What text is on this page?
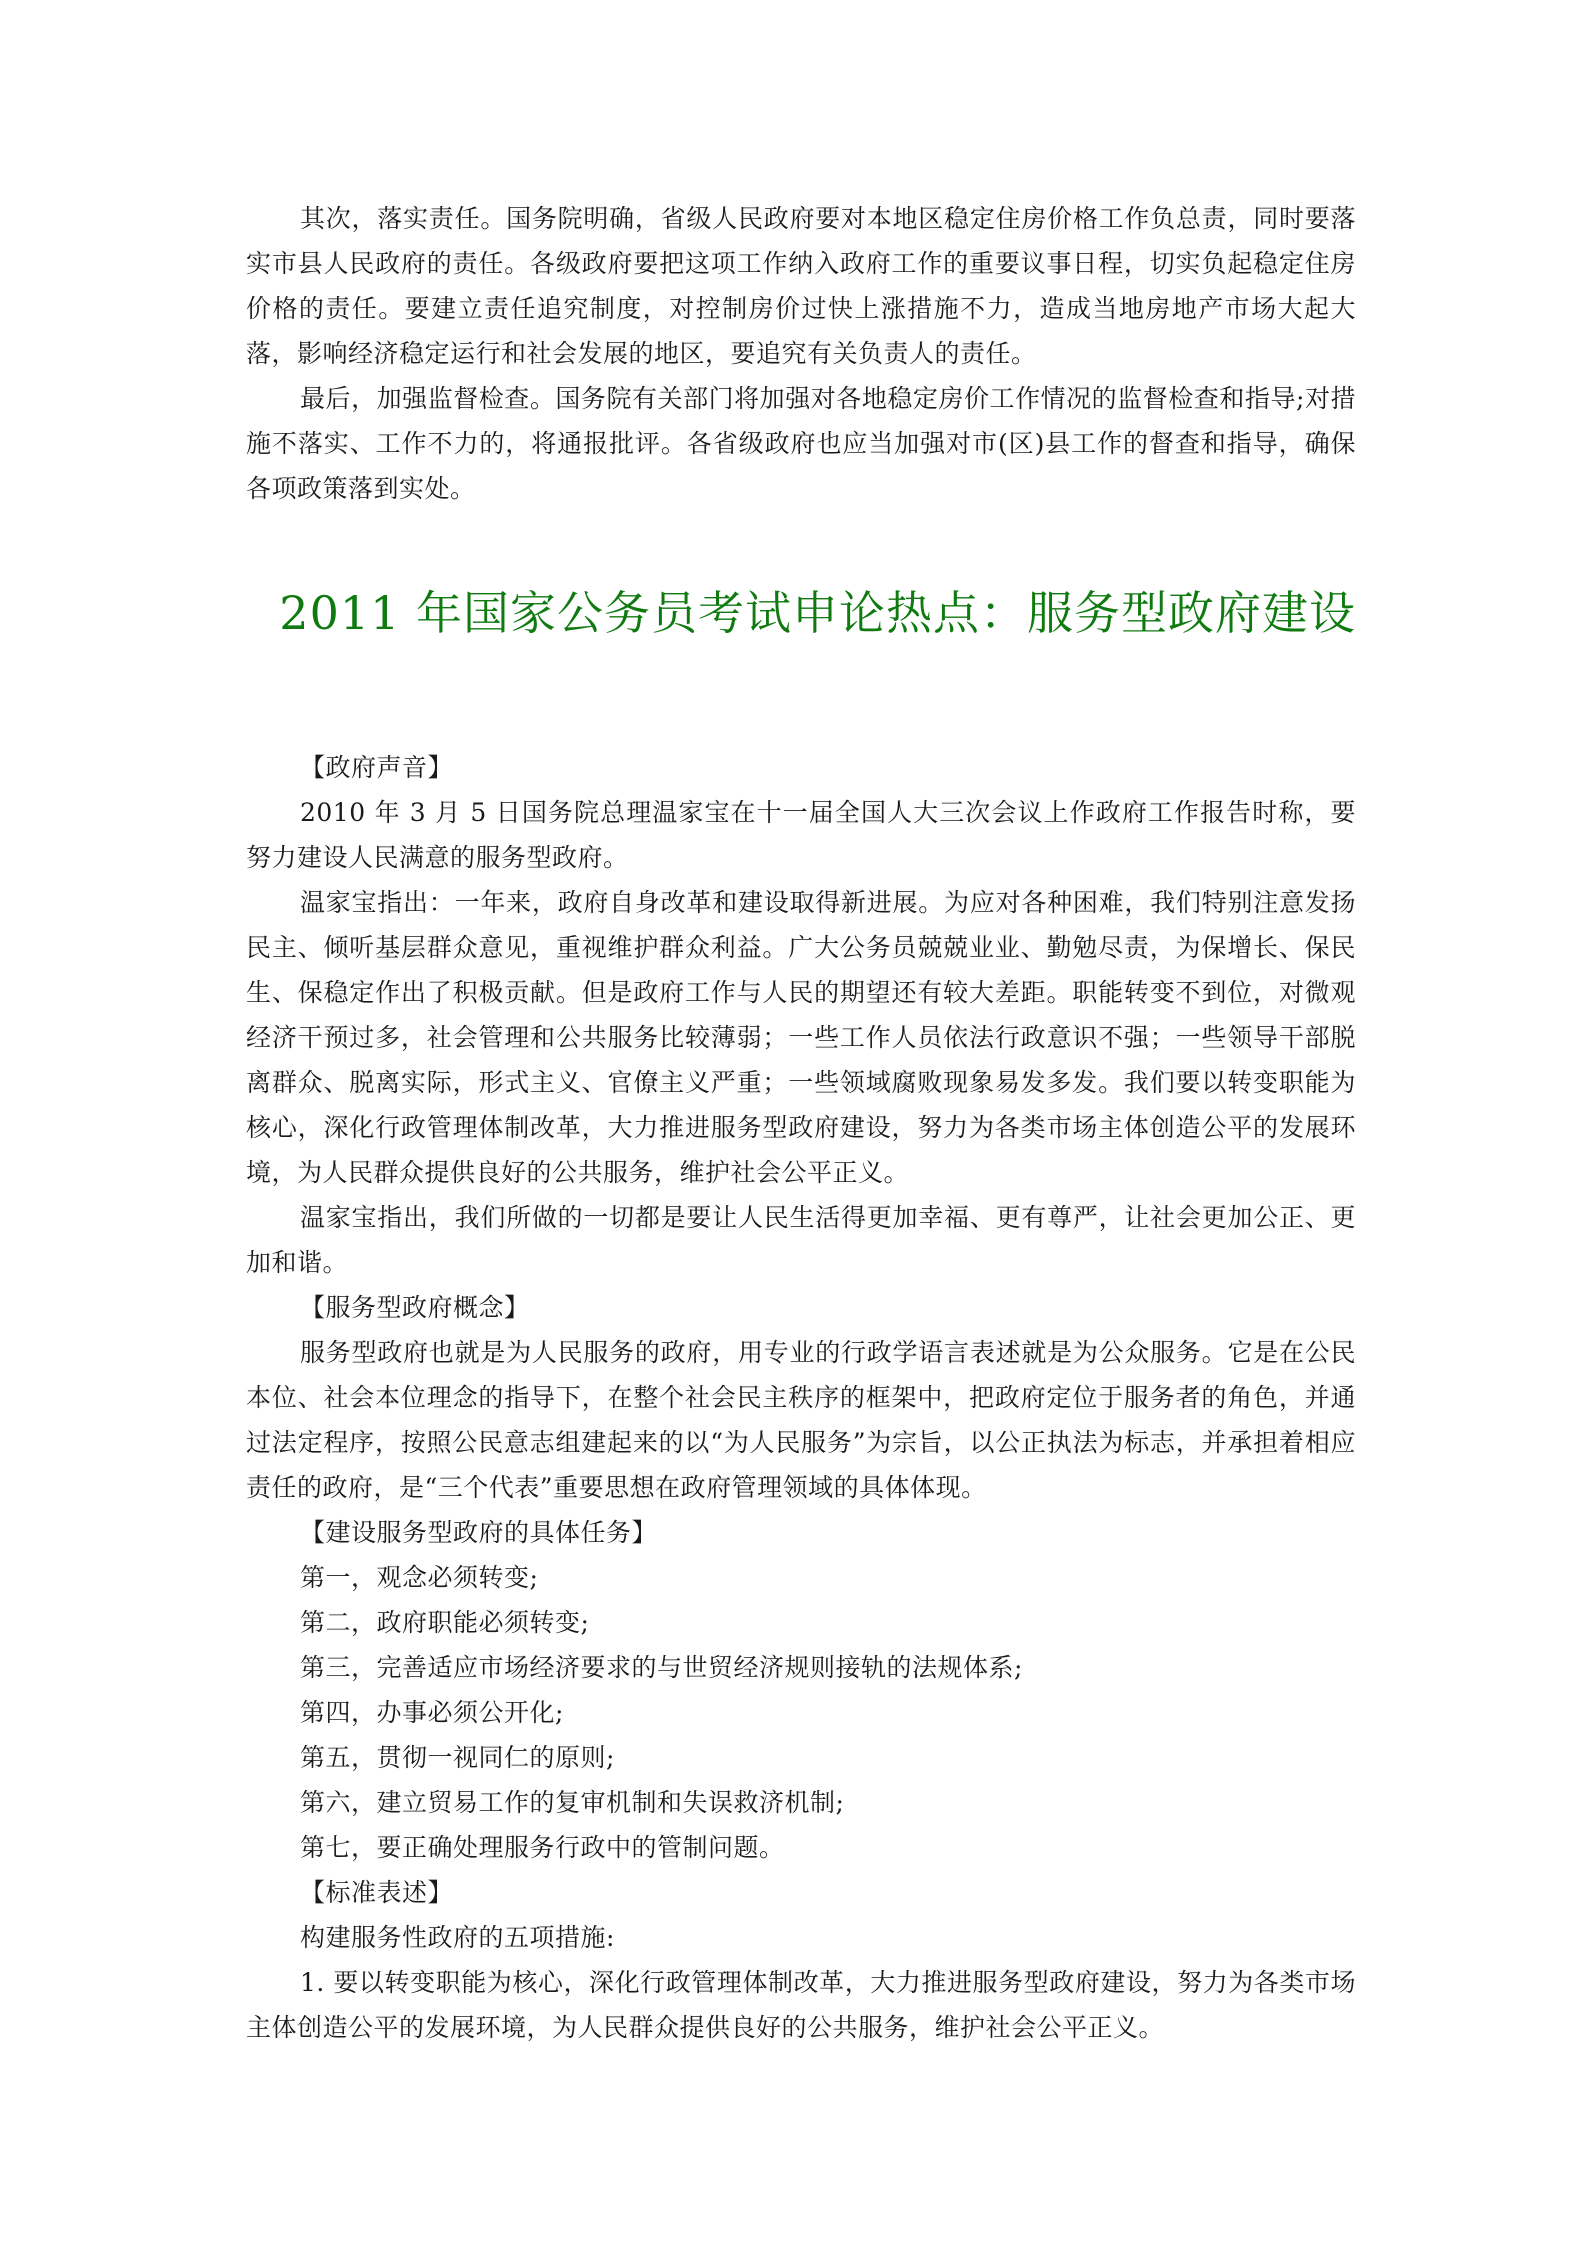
其次，落实责任。国务院明确，省级人民政府要对本地区稳定住房价格工作负总责，同时要落实市县人民政府的责任。各级政府要把这项工作纳入政府工作的重要议事日程，切实负起稳定住房价格的责任。要建立责任追究制度，对控制房价过快上涨措施不力，造成当地房地产市场大起大落，影响经济稳定运行和社会发展的地区，要追究有关负责人的责任。

最后，加强监督检查。国务院有关部门将加强对各地稳定房价工作情况的监督检查和指导;对措施不落实、工作不力的，将通报批评。各省级政府也应当加强对市(区)县工作的督查和指导，确保各项政策落到实处。

2011 年国家公务员考试申论热点：服务型政府建设

【政府声音】

2010 年 3 月 5 日国务院总理温家宝在十一届全国人大三次会议上作政府工作报告时称，要努力建设人民满意的服务型政府。

温家宝指出：一年来，政府自身改革和建设取得新进展。为应对各种困难，我们特别注意发扬民主、倾听基层群众意见，重视维护群众利益。广大公务员兢兢业业、勤勉尽责，为保增长、保民生、保稳定作出了积极贡献。但是政府工作与人民的期望还有较大差距。职能转变不到位，对微观经济干预过多，社会管理和公共服务比较薄弱；一些工作人员依法行政意识不强；一些领导干部脱离群众、脱离实际，形式主义、官僚主义严重；一些领域腐败现象易发多发。我们要以转变职能为核心，深化行政管理体制改革，大力推进服务型政府建设，努力为各类市场主体创造公平的发展环境，为人民群众提供良好的公共服务，维护社会公平正义。

温家宝指出，我们所做的一切都是要让人民生活得更加幸福、更有尊严，让社会更加公正、更加和谐。

【服务型政府概念】

服务型政府也就是为人民服务的政府，用专业的行政学语言表述就是为公众服务。它是在公民本位、社会本位理念的指导下，在整个社会民主秩序的框架中，把政府定位于服务者的角色，并通过法定程序，按照公民意志组建起来的以“为人民服务”为宗旨，以公正执法为标志，并承担着相应责任的政府，是“三个代表”重要思想在政府管理领域的具体体现。

【建设服务型政府的具体任务】

第一，观念必须转变;

第二，政府职能必须转变;

第三，完善适应市场经济要求的与世贸经济规则接轨的法规体系;

第四，办事必须公开化;

第五，贯彻一视同仁的原则;

第六，建立贸易工作的复审机制和失误救济机制;

第七，要正确处理服务行政中的管制问题。

【标准表述】

构建服务性政府的五项措施:

1. 要以转变职能为核心，深化行政管理体制改革，大力推进服务型政府建设，努力为各类市场主体创造公平的发展环境，为人民群众提供良好的公共服务，维护社会公平正义。
